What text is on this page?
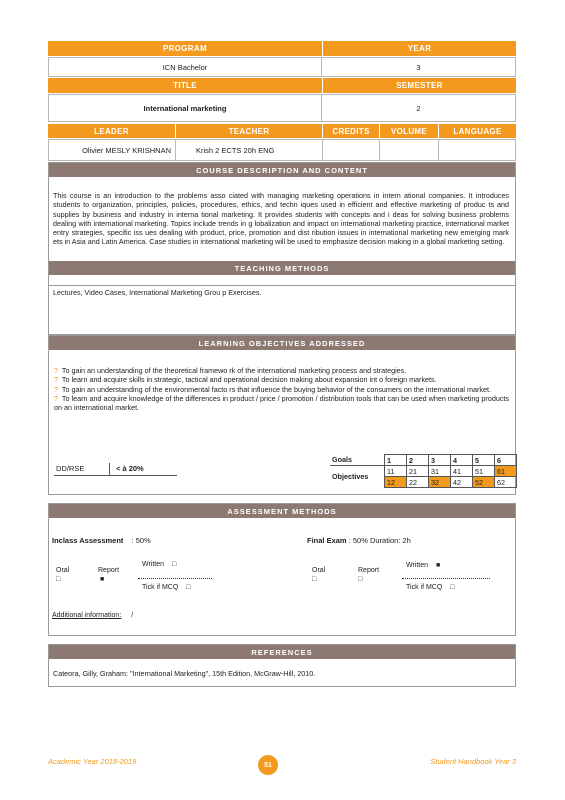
PROGRAM	YEAR
ICN Bachelor	3
TITLE	SEMESTER
International marketing	2
LEADER	TEACHER	CREDITS	VOLUME	LANGUAGE
Olivier MESLY KRISHNAN	Krish 2 ECTS 20h ENG
COURSE DESCRIPTION AND CONTENT
This course is an introduction to the problems asso ciated with managing marketing operations in intern ational companies. It introduces students to organization, principles, policies, procedures, ethics, and techn iques used in efficient and effective marketing of produc ts and supplies by business and industry in interna tional marketing. It provides students with concepts and i deas for solving business problems dealing with international marketing. Topics include trends in g lobalization and impact on international marketing practice, international market entry strategies, specific iss ues dealing with product, price, promotion and dist ribution issues in international marketing new emerging mark ets in Asia and Latin America. Case studies in international marketing will be used to emphasize decision making in a global marketing setting.
TEACHING METHODS
Lectures, Video Cases, International Marketing Grou p Exercises.
LEARNING OBJECTIVES ADDRESSED
? To gain an understanding of the theoretical framewo rk of the international marketing process and strategies.
? To learn and acquire skills in strategic, tactical and operational decision making about expansion int o foreign markets.
? To gain an understanding of the environmental facto rs that influence the buying behavior of the consumers on the international market.
? To learn and acquire knowledge of the differences in product / price / promotion / distribution tools that can be used when marketing products on an international market.
DD/RSE	< à 20%
Goals	1	2	3	4	5	6
Objectives	11	21	31	41	51	61
	12	22	32	42	52	62
ASSESSMENT METHODS
Inclass Assessment : 50%	Final Exam : 50% Duration: 2h
Oral
□
Report
■
Written □
Tick if MCQ □
Oral
□
Report
□
Written ■
Tick if MCQ □
Additional information: /
REFERENCES
Cateora, Gilly, Graham: "International Marketing", 15th Edition, McGraw-Hill, 2010.
Academic Year 2018-2019	51	Student Handbook Year 3
